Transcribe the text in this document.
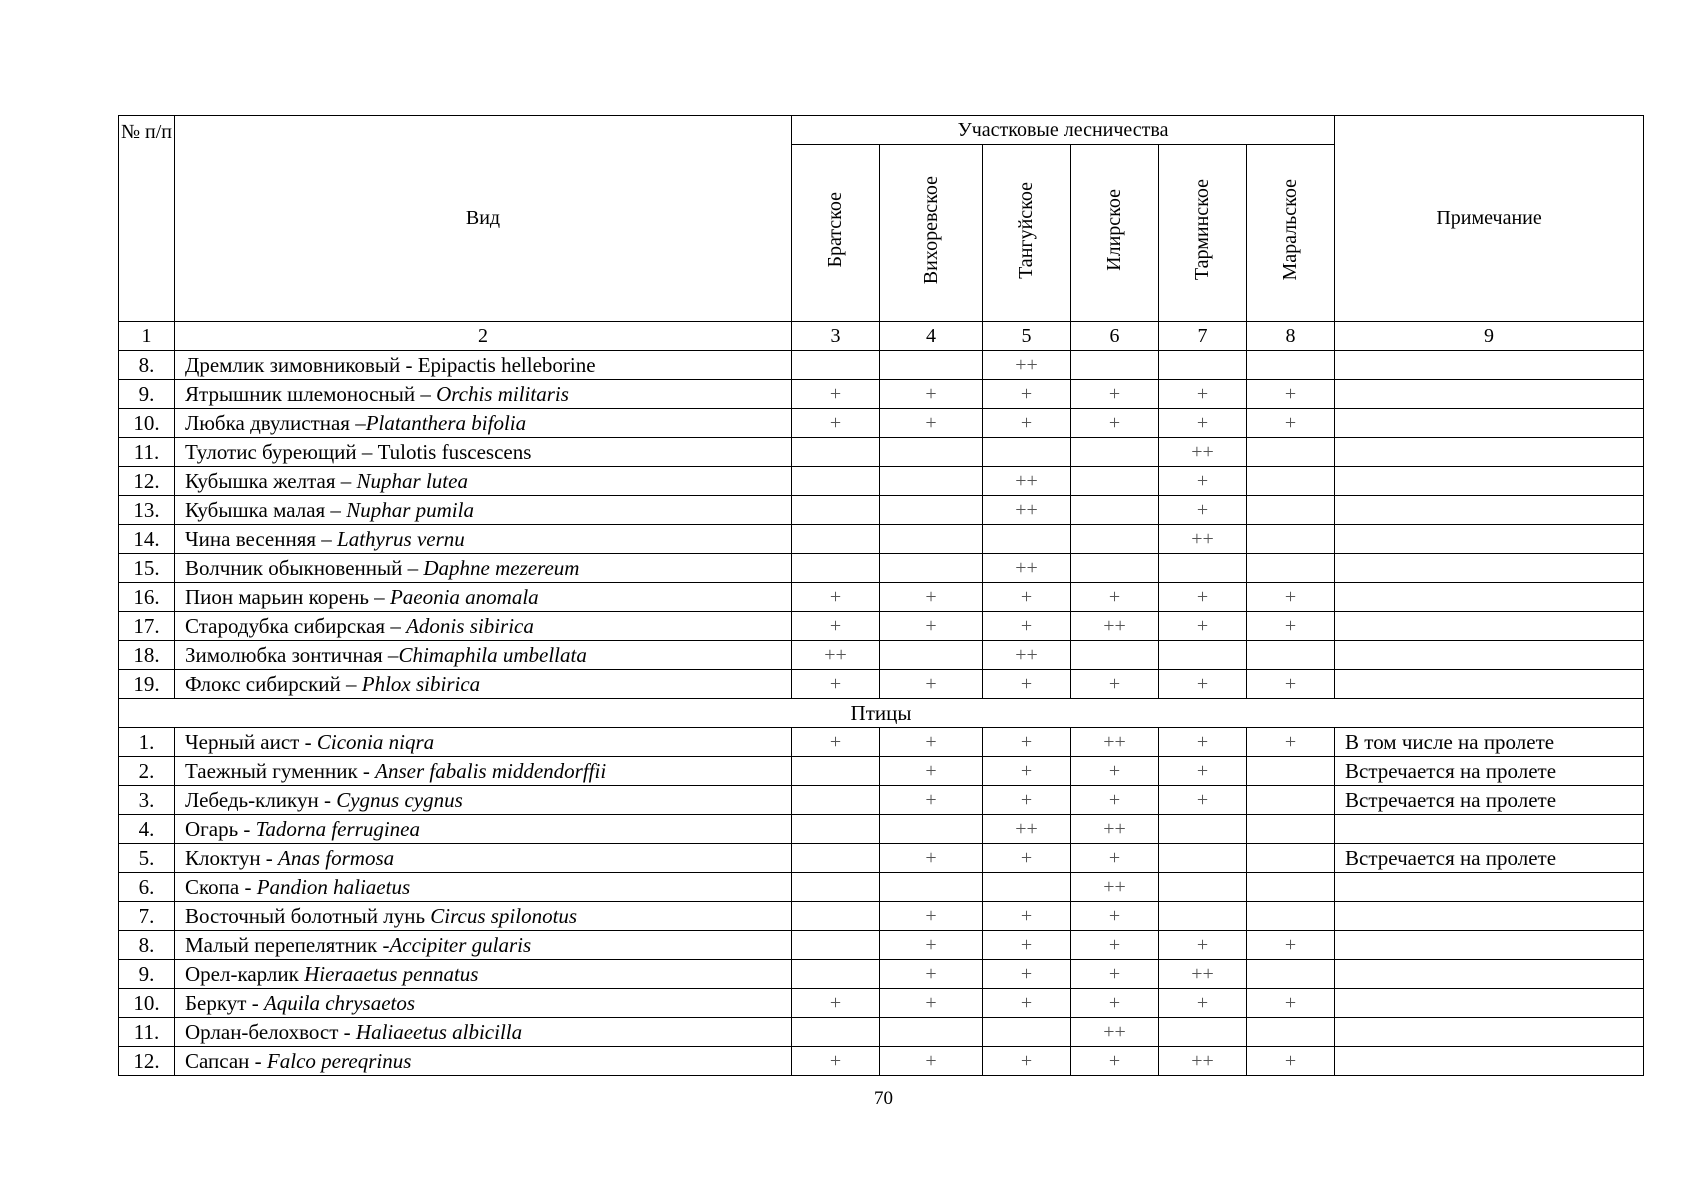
№ п/п	Вид	Участковые лесничества						Примечание
		Братское	Вихоревское	Тангуйское	Илирское	Тарминское	Маральское	
1	2	3	4	5	6	7	8	9
8.	Дремлик зимовниковый - Epipactis helleborine			++				
9.	Ятрышник шлемоносный – Orchis militaris	+	+	+	+	+	+	
10.	Любка двулистная –Platanthera bifolia	+	+	+	+	+	+	
11.	Тулотис буреющий – Tulotis fuscescens					++		
12.	Кубышка желтая – Nuphar lutea			++		+		
13.	Кубышка малая – Nuphar pumila			++		+		
14.	Чина весенняя – Lathyrus vernu					++		
15.	Волчник обыкновенный – Daphne mezereum			++				
16.	Пион марьин корень – Paeonia anomala	+	+	+	+	+	+	
17.	Стародубка сибирская – Adonis sibirica	+	+	+	++	+	+	
18.	Зимолюбка зонтичная –Chimaphila umbellata	++		++				
19.	Флокс сибирский – Phlox sibirica	+	+	+	+	+	+	
Птицы								
1.	Черный аист - Ciconia niqra	+	+	+	++	+	+	В том числе на пролете
2.	Таежный гуменник - Anser fabalis middendorffii		+	+	+	+		Встречается на пролете
3.	Лебедь-кликун - Cygnus cygnus		+	+	+	+		Встречается на пролете
4.	Огарь - Tadorna ferruginea			++	++			
5.	Клоктун - Anas formosa		+	+	+			Встречается на пролете
6.	Скопа - Pandion haliaetus				++			
7.	Восточный болотный лунь Circus spilonotus		+	+	+			
8.	Малый перепелятник -Accipiter gularis		+	+	+	+	+	
9.	Орел-карлик Hieraaetus pennatus		+	+	+	++		
10.	Беркут - Aquila chrysaetos	+	+	+	+	+	+	
11.	Орлан-белохвост - Haliaeetus albicilla				++			
12.	Сапсан - Falco pereqrinus	+	+	+	+	++	+	
70
